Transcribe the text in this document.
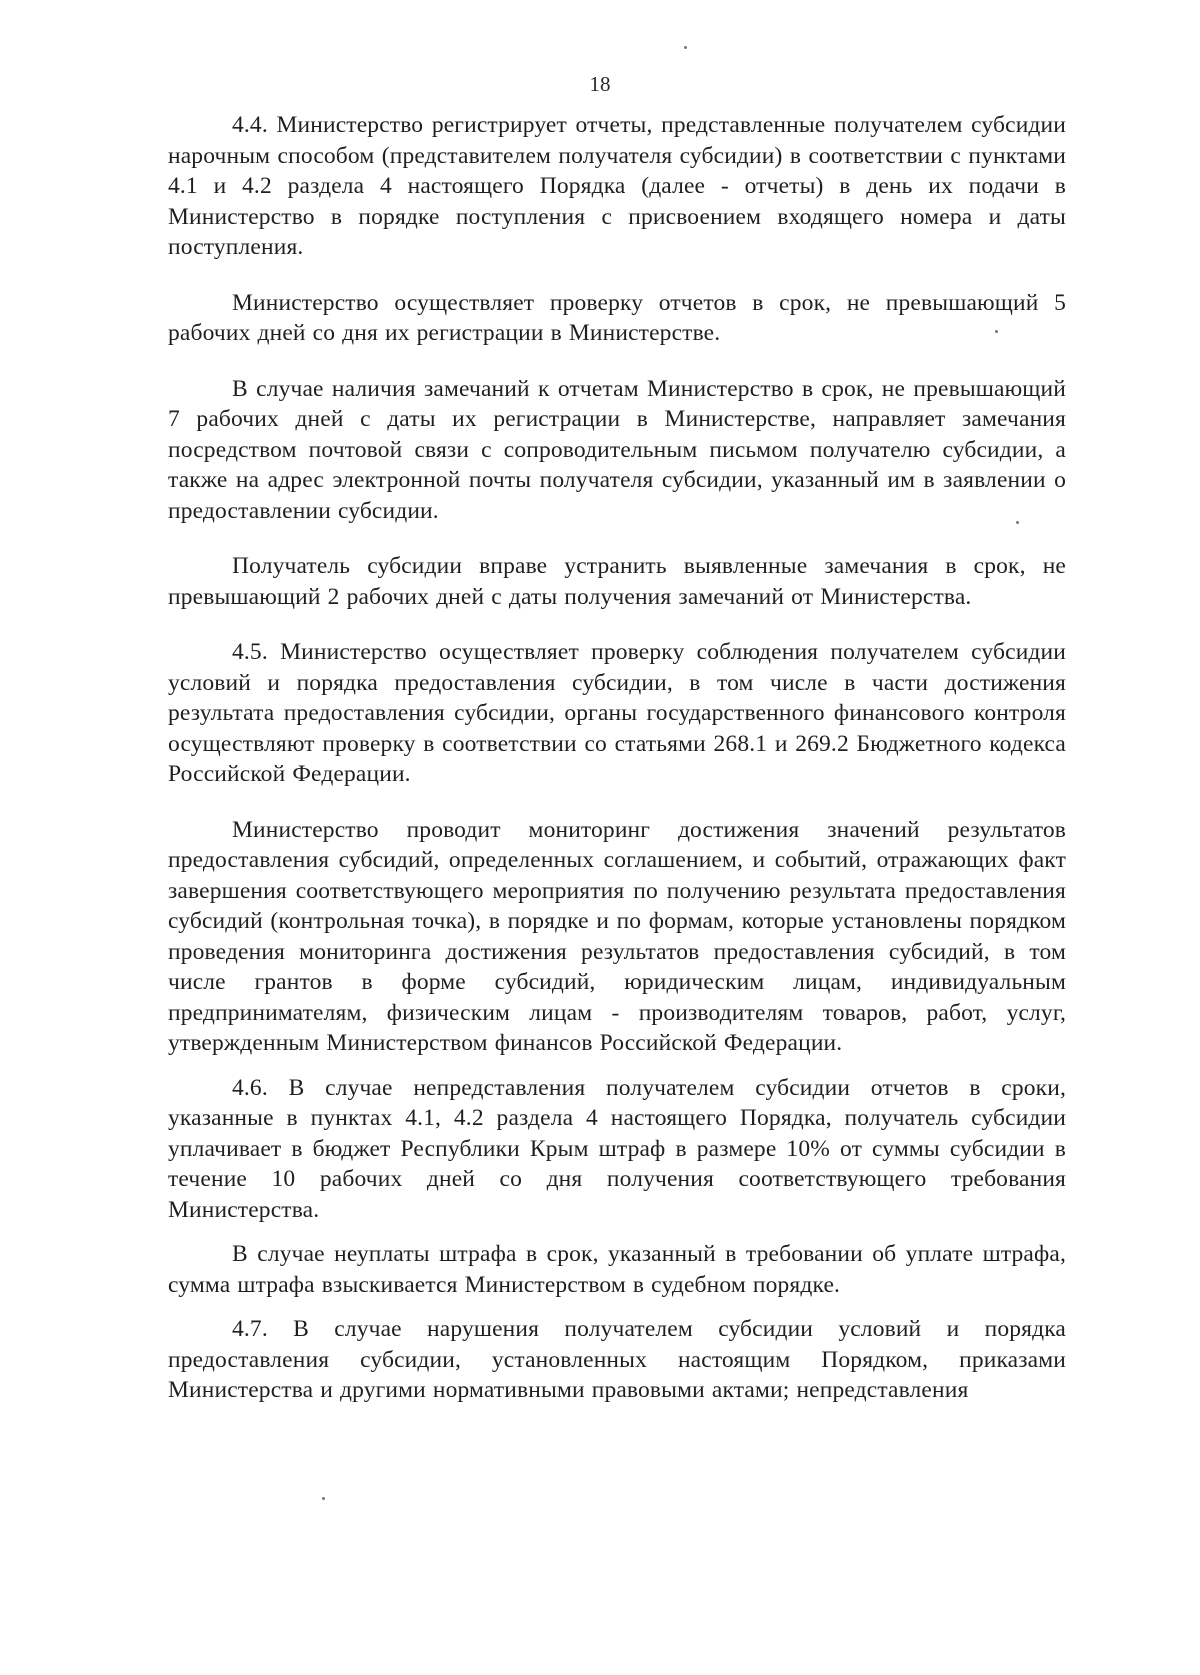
18

4.4. Министерство регистрирует отчеты, представленные получателем субсидии нарочным способом (представителем получателя субсидии) в соответствии с пунктами 4.1 и 4.2 раздела 4 настоящего Порядка (далее - отчеты) в день их подачи в Министерство в порядке поступления с присвоением входящего номера и даты поступления.

Министерство осуществляет проверку отчетов в срок, не превышающий 5 рабочих дней со дня их регистрации в Министерстве.

В случае наличия замечаний к отчетам Министерство в срок, не превышающий 7 рабочих дней с даты их регистрации в Министерстве, направляет замечания посредством почтовой связи с сопроводительным письмом получателю субсидии, а также на адрес электронной почты получателя субсидии, указанный им в заявлении о предоставлении субсидии.

Получатель субсидии вправе устранить выявленные замечания в срок, не превышающий 2 рабочих дней с даты получения замечаний от Министерства.

4.5. Министерство осуществляет проверку соблюдения получателем субсидии условий и порядка предоставления субсидии, в том числе в части достижения результата предоставления субсидии, органы государственного финансового контроля осуществляют проверку в соответствии со статьями 268.1 и 269.2 Бюджетного кодекса Российской Федерации.

Министерство проводит мониторинг достижения значений результатов предоставления субсидий, определенных соглашением, и событий, отражающих факт завершения соответствующего мероприятия по получению результата предоставления субсидий (контрольная точка), в порядке и по формам, которые установлены порядком проведения мониторинга достижения результатов предоставления субсидий, в том числе грантов в форме субсидий, юридическим лицам, индивидуальным предпринимателям, физическим лицам - производителям товаров, работ, услуг, утвержденным Министерством финансов Российской Федерации.

4.6. В случае непредставления получателем субсидии отчетов в сроки, указанные в пунктах 4.1, 4.2 раздела 4 настоящего Порядка, получатель субсидии уплачивает в бюджет Республики Крым штраф в размере 10% от суммы субсидии в течение 10 рабочих дней со дня получения соответствующего требования Министерства.

В случае неуплаты штрафа в срок, указанный в требовании об уплате штрафа, сумма штрафа взыскивается Министерством в судебном порядке.

4.7. В случае нарушения получателем субсидии условий и порядка предоставления субсидии, установленных настоящим Порядком, приказами Министерства и другими нормативными правовыми актами; непредставления
